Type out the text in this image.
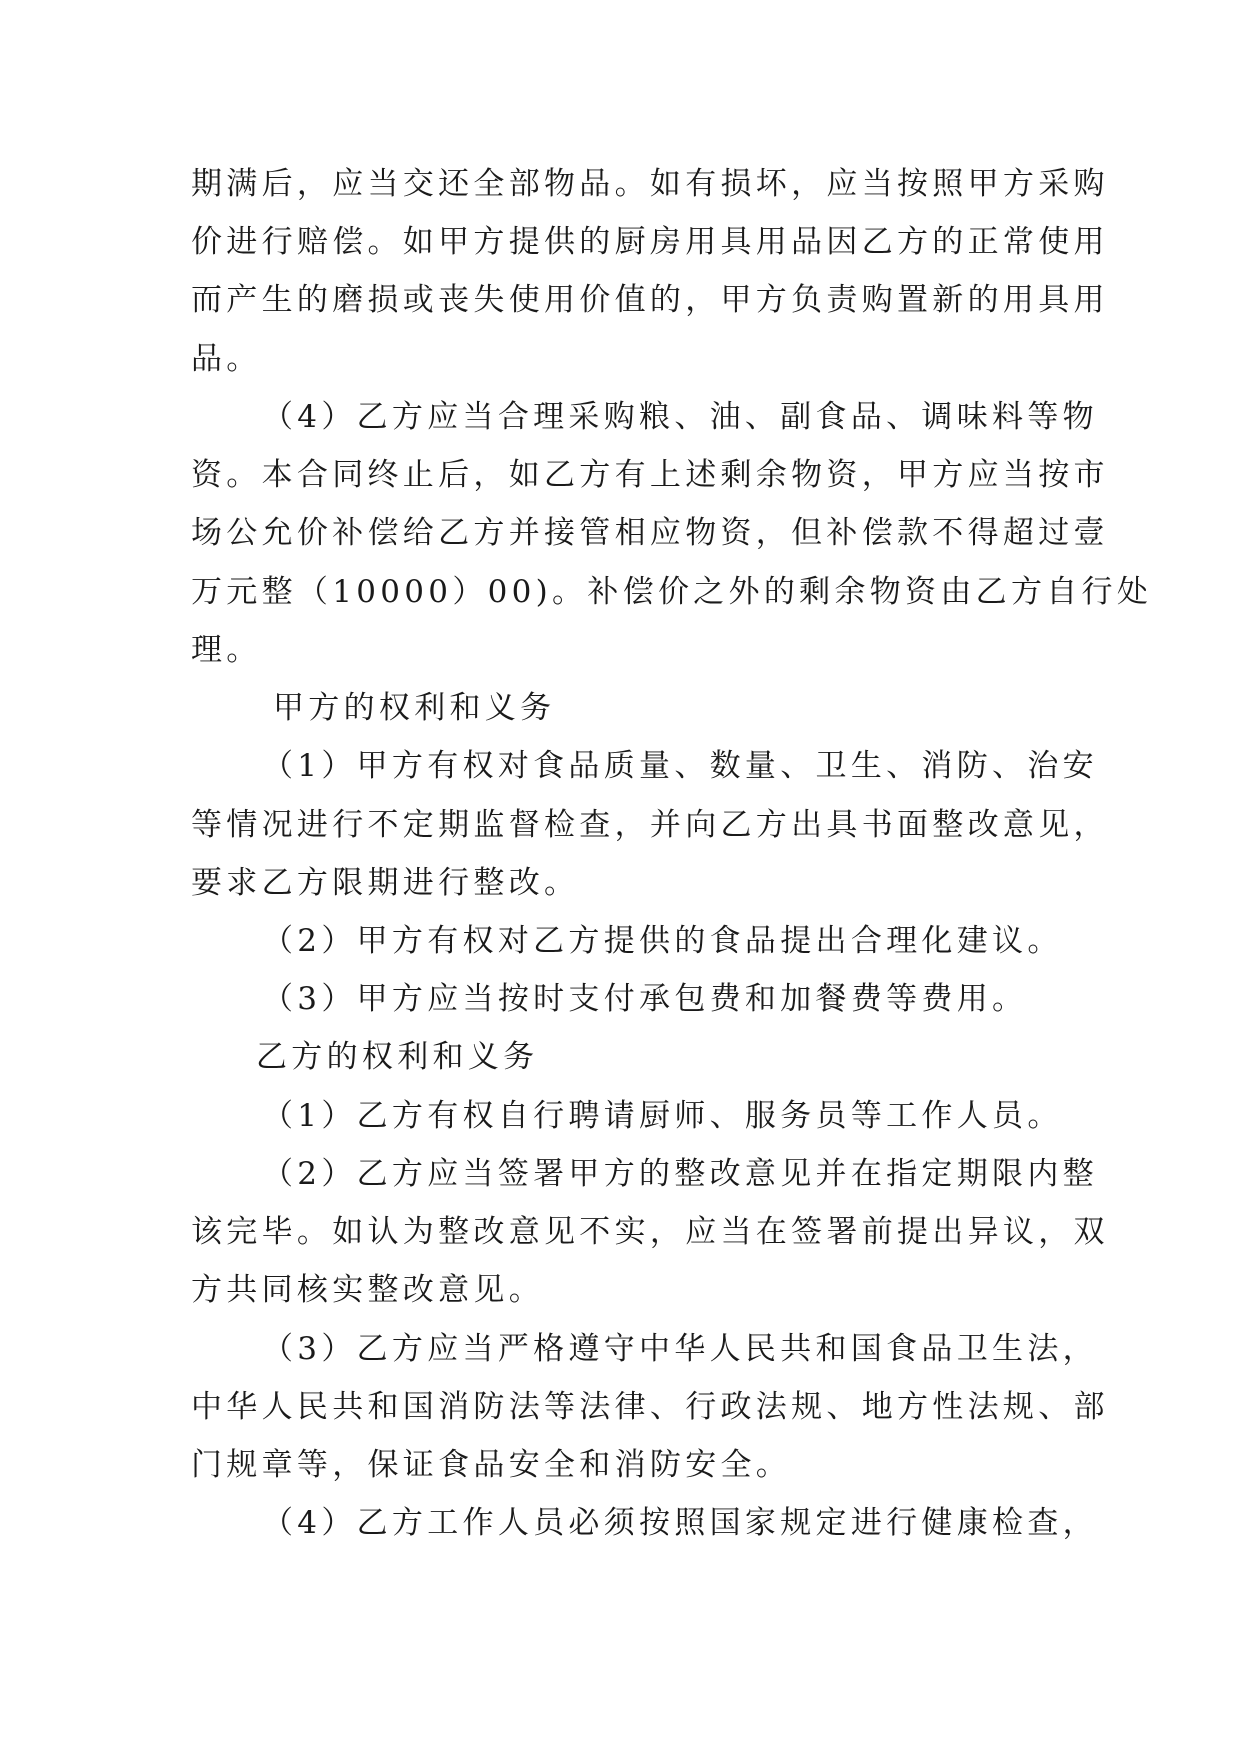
期满后，应当交还全部物品。如有损坏，应当按照甲方采购

价进行赔偿。如甲方提供的厨房用具用品因乙方的正常使用

而产生的磨损或丧失使用价值的，甲方负责购置新的用具用

品。

（4）乙方应当合理采购粮、油、副食品、调味料等物

资。本合同终止后，如乙方有上述剩余物资，甲方应当按市

场公允价补偿给乙方并接管相应物资，但补偿款不得超过壹

万元整（10000）00)。补偿价之外的剩余物资由乙方自行处

理。

甲方的权利和义务

（1）甲方有权对食品质量、数量、卫生、消防、治安

等情况进行不定期监督检查，并向乙方出具书面整改意见，

要求乙方限期进行整改。

（2）甲方有权对乙方提供的食品提出合理化建议。

（3）甲方应当按时支付承包费和加餐费等费用。

乙方的权利和义务

（1）乙方有权自行聘请厨师、服务员等工作人员。

（2）乙方应当签署甲方的整改意见并在指定期限内整

该完毕。如认为整改意见不实，应当在签署前提出异议，双

方共同核实整改意见。

（3）乙方应当严格遵守中华人民共和国食品卫生法，

中华人民共和国消防法等法律、行政法规、地方性法规、部

门规章等，保证食品安全和消防安全。

（4）乙方工作人员必须按照国家规定进行健康检查，
